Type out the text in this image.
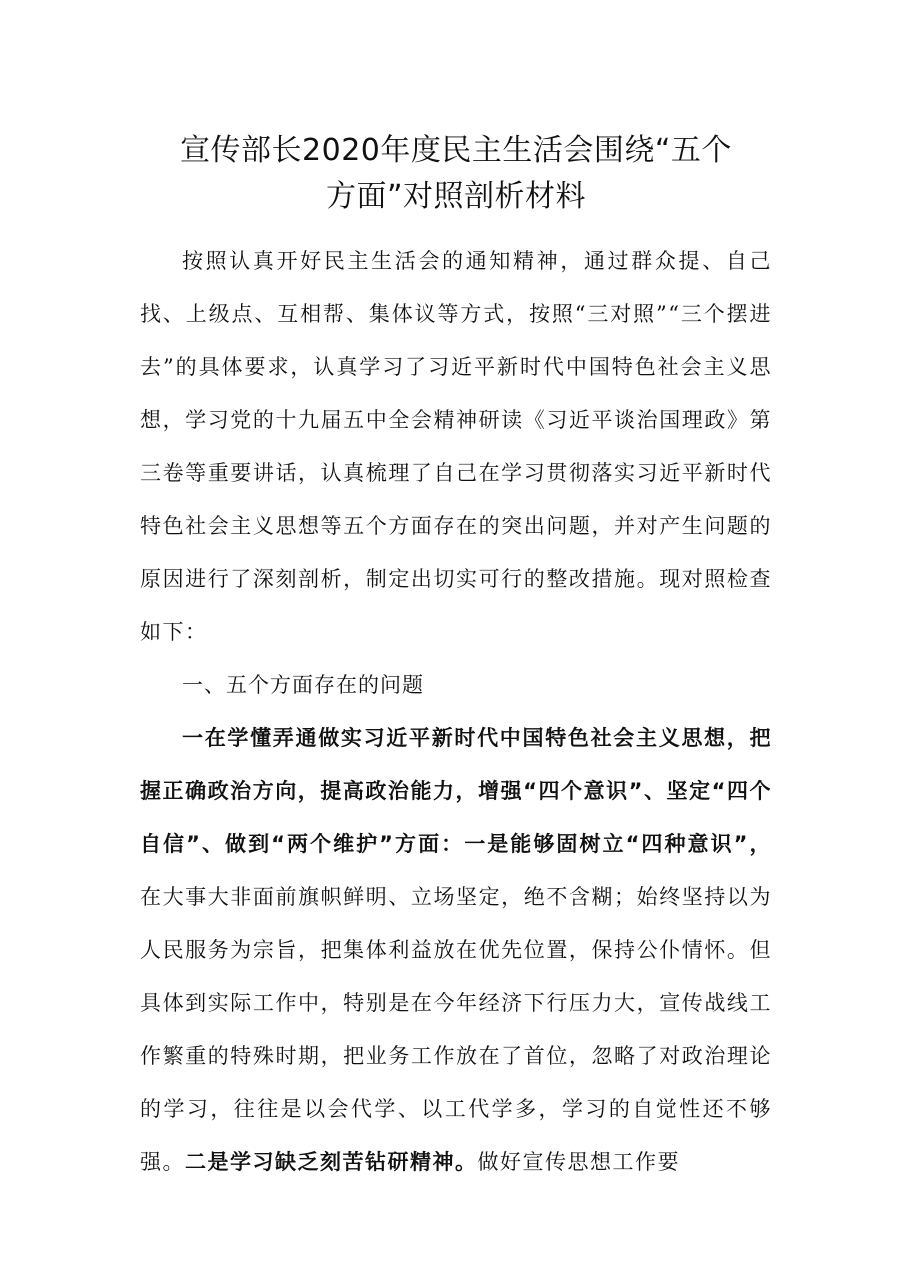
宣传部长2020年度民主生活会围绕“五个
方面”对照剖析材料

按照认真开好民主生活会的通知精神，通过群众提、自己找、上级点、互相帮、集体议等方式，按照“三对照”“三个摆进去”的具体要求，认真学习了习近平新时代中国特色社会主义思想，学习党的十九届五中全会精神研读《习近平谈治国理政》第三卷等重要讲话，认真梳理了自己在学习贯彻落实习近平新时代特色社会主义思想等五个方面存在的突出问题，并对产生问题的原因进行了深刻剖析，制定出切实可行的整改措施。现对照检查如下：

一、五个方面存在的问题

一在学懂弄通做实习近平新时代中国特色社会主义思想，把握正确政治方向，提高政治能力，增强“四个意识”、坚定“四个自信”、做到“两个维护”方面：一是能够固树立“四种意识”，在大事大非面前旗帜鲜明、立场坚定，绝不含糊；始终坚持以为人民服务为宗旨，把集体利益放在优先位置，保持公仆情怀。但具体到实际工作中，特别是在今年经济下行压力大，宣传战线工作繁重的特殊时期，把业务工作放在了首位，忽略了对政治理论的学习，往往是以会代学、以工代学多，学习的自觉性还不够强。二是学习缺乏刻苦钻研精神。做好宣传思想工作要
